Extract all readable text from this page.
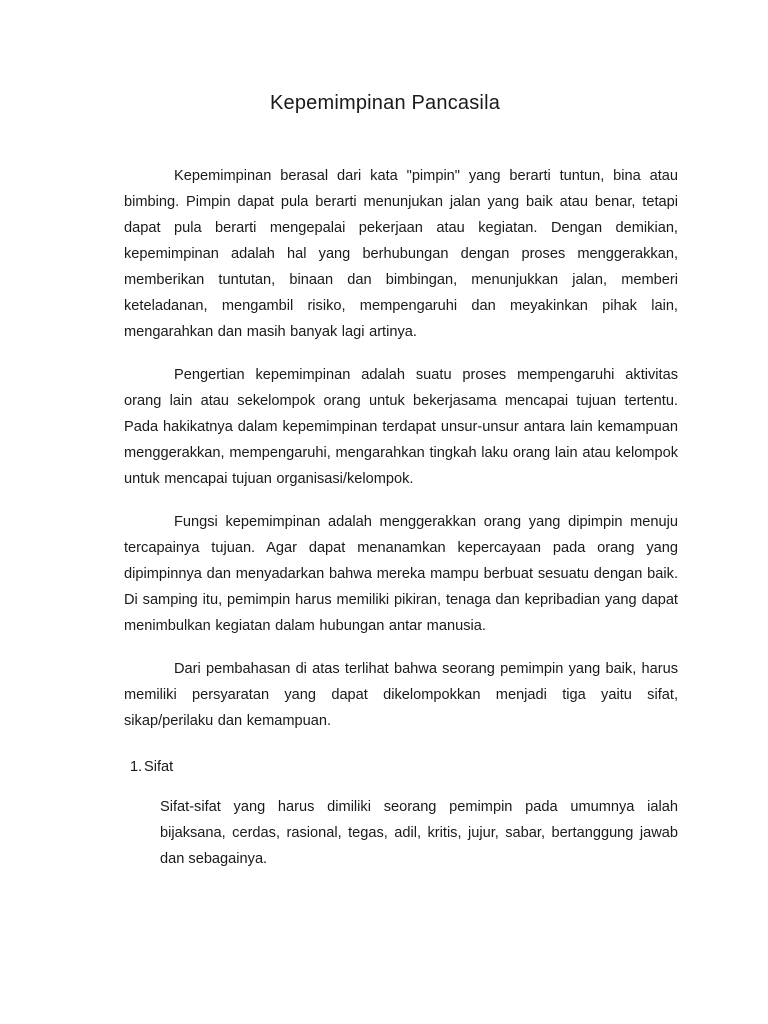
Kepemimpinan Pancasila

Kepemimpinan berasal dari kata "pimpin" yang berarti tuntun, bina atau bimbing. Pimpin dapat pula berarti menunjukan jalan yang baik atau benar, tetapi dapat pula berarti mengepalai pekerjaan atau kegiatan. Dengan demikian, kepemimpinan adalah hal yang berhubungan dengan proses menggerakkan, memberikan tuntutan, binaan dan bimbingan, menunjukkan jalan, memberi keteladanan, mengambil risiko, mempengaruhi dan meyakinkan pihak lain, mengarahkan dan masih banyak lagi artinya.

Pengertian kepemimpinan adalah suatu proses mempengaruhi aktivitas orang lain atau sekelompok orang untuk bekerjasama mencapai tujuan tertentu. Pada hakikatnya dalam kepemimpinan terdapat unsur-unsur antara lain kemampuan menggerakkan, mempengaruhi, mengarahkan tingkah laku orang lain atau kelompok untuk mencapai tujuan organisasi/kelompok.

Fungsi kepemimpinan adalah menggerakkan orang yang dipimpin menuju tercapainya tujuan. Agar dapat menanamkan kepercayaan pada orang yang dipimpinnya dan menyadarkan bahwa mereka mampu berbuat sesuatu dengan baik. Di samping itu, pemimpin harus memiliki pikiran, tenaga dan kepribadian yang dapat menimbulkan kegiatan dalam hubungan antar manusia.

Dari pembahasan di atas terlihat bahwa seorang pemimpin yang baik, harus memiliki persyaratan yang dapat dikelompokkan menjadi tiga yaitu sifat, sikap/perilaku dan kemampuan.

1. Sifat

Sifat-sifat yang harus dimiliki seorang pemimpin pada umumnya ialah bijaksana, cerdas, rasional, tegas, adil, kritis, jujur, sabar, bertanggung jawab dan sebagainya.
